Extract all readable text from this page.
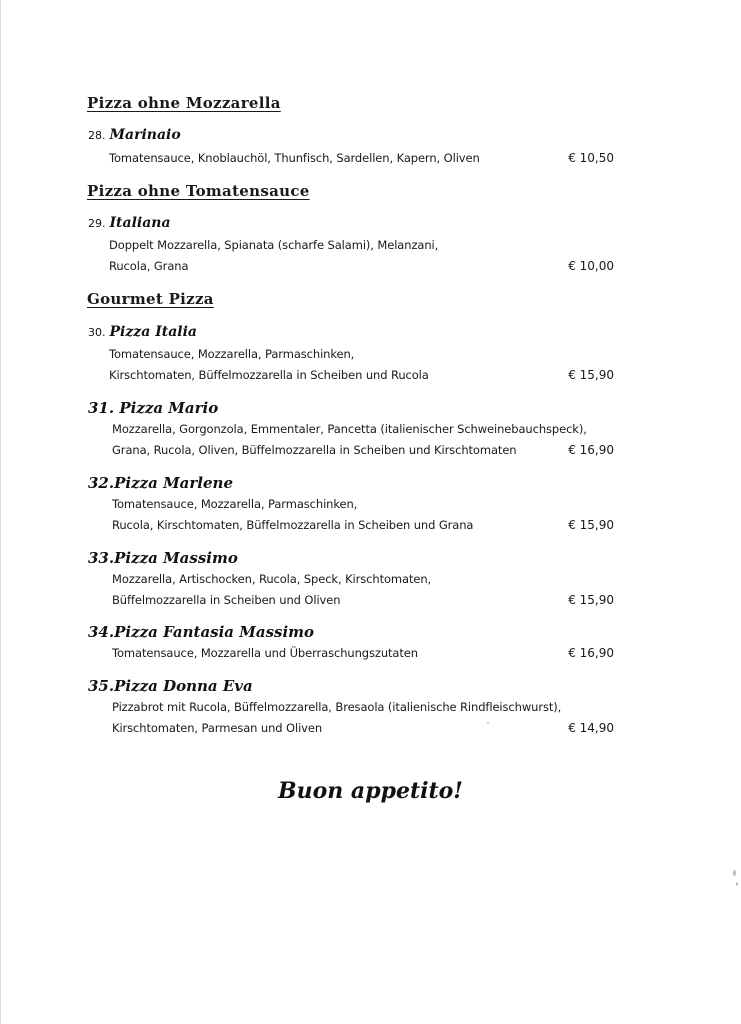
Pizza ohne Mozzarella
28. Marinaio
Tomatensauce, Knoblauchöl, Thunfisch, Sardellen, Kapern, Oliven	€ 10,50
Pizza ohne Tomatensauce
29. Italiana
Doppelt Mozzarella, Spianata (scharfe Salami), Melanzani,
Rucola, Grana	€ 10,00
Gourmet Pizza
30. Pizza Italia
Tomatensauce, Mozzarella, Parmaschinken,
Kirschtomaten, Büffelmozzarella in Scheiben und Rucola	€ 15,90
31. Pizza Mario
Mozzarella, Gorgonzola, Emmentaler, Pancetta (italienischer Schweinebauchspeck),
Grana, Rucola, Oliven, Büffelmozzarella in Scheiben und Kirschtomaten	€ 16,90
32.Pizza Marlene
Tomatensauce, Mozzarella, Parmaschinken,
Rucola, Kirschtomaten, Büffelmozzarella in Scheiben und Grana	€ 15,90
33.Pizza Massimo
Mozzarella, Artischocken, Rucola, Speck, Kirschtomaten,
Büffelmozzarella in Scheiben und Oliven	€ 15,90
34.Pizza Fantasia Massimo
Tomatensauce, Mozzarella und Überraschungszutaten	€ 16,90
35.Pizza Donna Eva
Pizzabrot mit Rucola, Büffelmozzarella, Bresaola (italienische Rindfleischwurst),
Kirschtomaten, Parmesan und Oliven	€ 14,90
Buon appetito!
